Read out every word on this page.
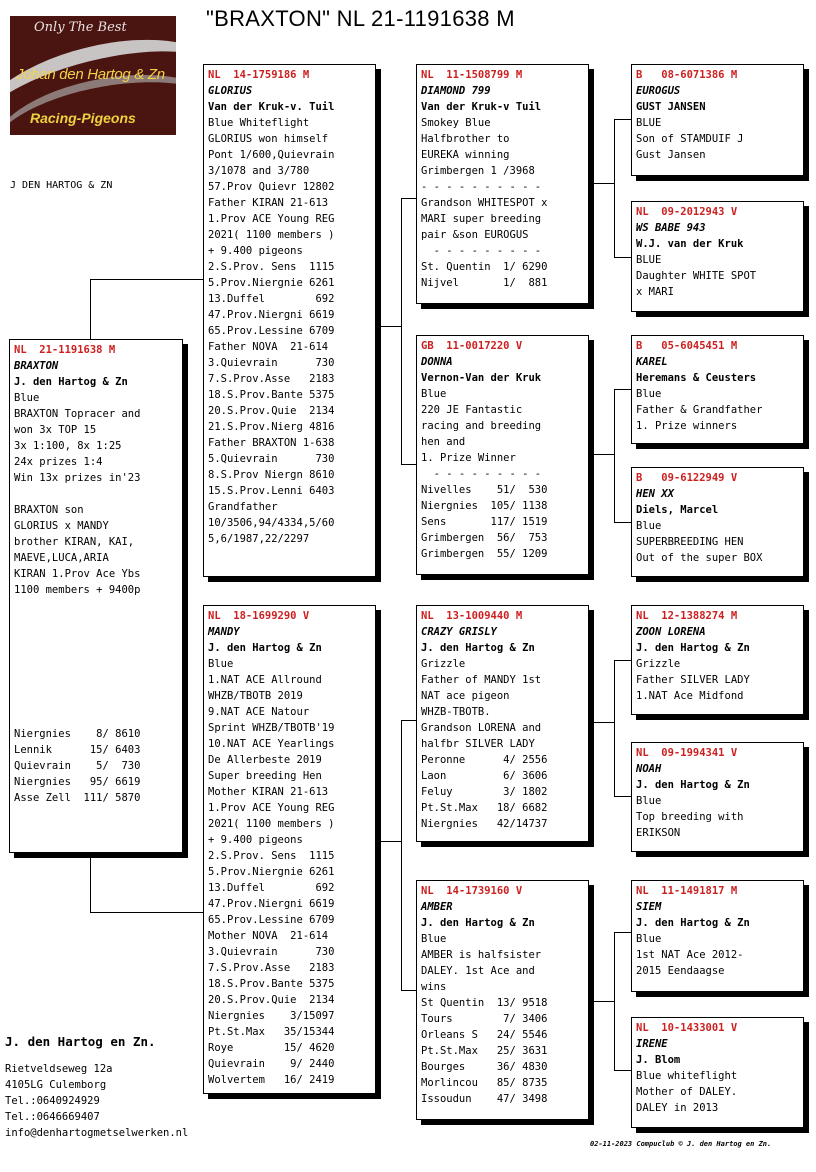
"BRAXTON" NL 21-1191638 M
Only The Best
Johan den Hartog & Zn
Racing-Pigeons
J DEN HARTOG & ZN
NL  21-1191638 M
BRAXTON
J. den Hartog & Zn
Blue
BRAXTON Topracer and
won 3x TOP 15
3x 1:100, 8x 1:25
24x prizes 1:4
Win 13x prizes in'23
BRAXTON son
GLORIUS x MANDY
brother KIRAN, KAI,
MAEVE,LUCA,ARIA
KIRAN 1.Prov Ace Ybs
1100 members + 9400p
Niergnies    8/ 8610
Lennik      15/ 6403
Quievrain    5/  730
Niergnies   95/ 6619
Asse Zell  111/ 5870
NL  14-1759186 M
GLORIUS
Van der Kruk-v. Tuil
Blue Whiteflight
GLORIUS won himself
Pont 1/600,Quievrain
3/1078 and 3/780
57.Prov Quievr 12802
Father KIRAN 21-613
1.Prov ACE Young REG
2021( 1100 members )
+ 9.400 pigeons
2.S.Prov. Sens  1115
5.Prov.Niergnie 6261
13.Duffel        692
47.Prov.Niergni 6619
65.Prov.Lessine 6709
Father NOVA  21-614
3.Quievrain      730
7.S.Prov.Asse   2183
18.S.Prov.Bante 5375
20.S.Prov.Quie  2134
21.S.Prov.Nierg 4816
Father BRAXTON 1-638
5.Quievrain      730
8.S.Prov Niergn 8610
15.S.Prov.Lenni 6403
Grandfather
10/3506,94/4334,5/60
5,6/1987,22/2297
NL  18-1699290 V
MANDY
J. den Hartog & Zn
Blue
1.NAT ACE Allround
WHZB/TBOTB 2019
9.NAT ACE Natour
Sprint WHZB/TBOTB'19
10.NAT ACE Yearlings
De Allerbeste 2019
Super breeding Hen
Mother KIRAN 21-613
1.Prov ACE Young REG
2021( 1100 members )
+ 9.400 pigeons
2.S.Prov. Sens  1115
5.Prov.Niergnie 6261
13.Duffel        692
47.Prov.Niergni 6619
65.Prov.Lessine 6709
Mother NOVA  21-614
3.Quievrain      730
7.S.Prov.Asse   2183
18.S.Prov.Bante 5375
20.S.Prov.Quie  2134
Niergnies    3/15097
Pt.St.Max   35/15344
Roye        15/ 4620
Quievrain    9/ 2440
Wolvertem   16/ 2419
NL  11-1508799 M
DIAMOND 799
Van der Kruk-v Tuil
Smokey Blue
Halfbrother to
EUREKA winning
Grimbergen 1 /3968
- - - - - - - - - -
Grandson WHITESPOT x
MARI super breeding
pair &son EUROGUS
- - - - - - - - -
St. Quentin  1/ 6290
Nijvel       1/  881
GB  11-0017220 V
DONNA
Vernon-Van der Kruk
Blue
220 JE Fantastic
racing and breeding
hen and
1. Prize Winner
- - - - - - - - -
Nivelles    51/  530
Niergnies  105/ 1138
Sens       117/ 1519
Grimbergen  56/  753
Grimbergen  55/ 1209
NL  13-1009440 M
CRAZY GRISLY
J. den Hartog & Zn
Grizzle
Father of MANDY 1st
NAT ace pigeon
WHZB-TBOTB.
Grandson LORENA and
halfbr SILVER LADY
Peronne      4/ 2556
Laon         6/ 3606
Feluy        3/ 1802
Pt.St.Max   18/ 6682
Niergnies   42/14737
NL  14-1739160 V
AMBER
J. den Hartog & Zn
Blue
AMBER is halfsister
DALEY. 1st Ace and
wins
St Quentin  13/ 9518
Tours        7/ 3406
Orleans S   24/ 5546
Pt.St.Max   25/ 3631
Bourges     36/ 4830
Morlincou   85/ 8735
Issoudun    47/ 3498
B   08-6071386 M
EUROGUS
GUST JANSEN
BLUE
Son of STAMDUIF J
Gust Jansen
NL  09-2012943 V
WS BABE 943
W.J. van der Kruk
BLUE
Daughter WHITE SPOT
x MARI
B   05-6045451 M
KAREL
Heremans & Ceusters
Blue
Father & Grandfather
1. Prize winners
B   09-6122949 V
HEN XX
Diels, Marcel
Blue
SUPERBREEDING HEN
Out of the super BOX
NL  12-1388274 M
ZOON LORENA
J. den Hartog & Zn
Grizzle
Father SILVER LADY
1.NAT Ace Midfond
NL  09-1994341 V
NOAH
J. den Hartog & Zn
Blue
Top breeding with
ERIKSON
NL  11-1491817 M
SIEM
J. den Hartog & Zn
Blue
1st NAT Ace 2012-
2015 Eendaagse
NL  10-1433001 V
IRENE
J. Blom
Blue whiteflight
Mother of DALEY.
DALEY in 2013
J. den Hartog en Zn.
Rietveldseweg 12a
4105LG Culemborg
Tel.:0640924929
Tel.:0646669407
info@denhartogmetselwerken.nl
02-11-2023 Compuclub © J. den Hartog en Zn.
